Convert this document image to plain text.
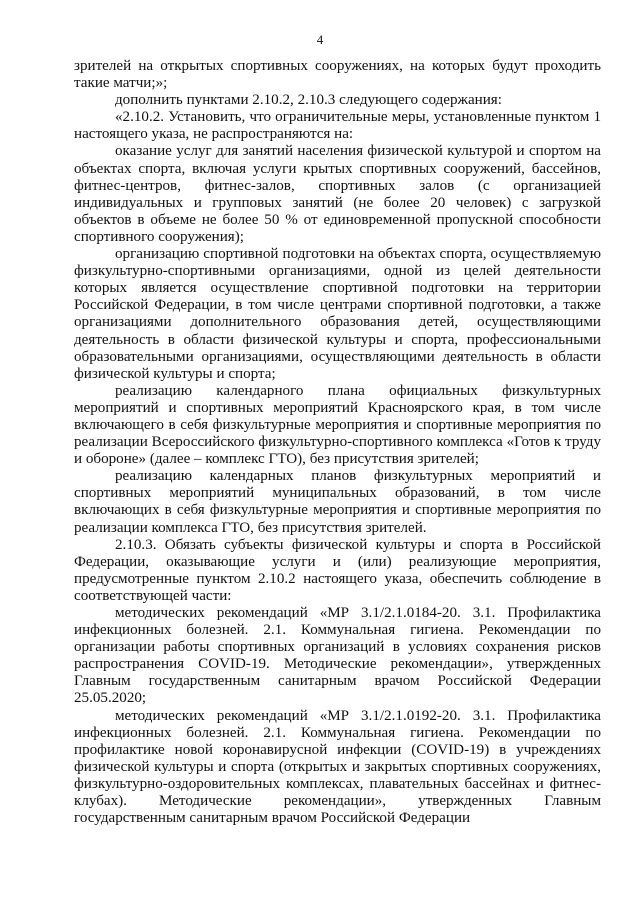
4

зрителей на открытых спортивных сооружениях, на которых будут проходить такие матчи;»;

дополнить пунктами 2.10.2, 2.10.3 следующего содержания:

«2.10.2. Установить, что ограничительные меры, установленные пунктом 1 настоящего указа, не распространяются на:

оказание услуг для занятий населения физической культурой и спортом на объектах спорта, включая услуги крытых спортивных сооружений, бассейнов, фитнес-центров, фитнес-залов, спортивных залов (с организацией индивидуальных и групповых занятий (не более 20 человек) с загрузкой объектов в объеме не более 50 % от единовременной пропускной способности спортивного сооружения);

организацию спортивной подготовки на объектах спорта, осуществляемую физкультурно-спортивными организациями, одной из целей деятельности которых является осуществление спортивной подготовки на территории Российской Федерации, в том числе центрами спортивной подготовки, а также организациями дополнительного образования детей, осуществляющими деятельность в области физической культуры и спорта, профессиональными образовательными организациями, осуществляющими деятельность в области физической культуры и спорта;

реализацию календарного плана официальных физкультурных мероприятий и спортивных мероприятий Красноярского края, в том числе включающего в себя физкультурные мероприятия и спортивные мероприятия по реализации Всероссийского физкультурно-спортивного комплекса «Готов к труду и обороне» (далее – комплекс ГТО), без присутствия зрителей;

реализацию календарных планов физкультурных мероприятий и спортивных мероприятий муниципальных образований, в том числе включающих в себя физкультурные мероприятия и спортивные мероприятия по реализации комплекса ГТО, без присутствия зрителей.

2.10.3. Обязать субъекты физической культуры и спорта в Российской Федерации, оказывающие услуги и (или) реализующие мероприятия, предусмотренные пунктом 2.10.2 настоящего указа, обеспечить соблюдение в соответствующей части:

методических рекомендаций «МР 3.1/2.1.0184-20. 3.1. Профилактика инфекционных болезней. 2.1. Коммунальная гигиена. Рекомендации по организации работы спортивных организаций в условиях сохранения рисков распространения COVID-19. Методические рекомендации», утвержденных Главным государственным санитарным врачом Российской Федерации 25.05.2020;

методических рекомендаций «МР 3.1/2.1.0192-20. 3.1. Профилактика инфекционных болезней. 2.1. Коммунальная гигиена. Рекомендации по профилактике новой коронавирусной инфекции (COVID-19) в учреждениях физической культуры и спорта (открытых и закрытых спортивных сооружениях, физкультурно-оздоровительных комплексах, плавательных бассейнах и фитнес-клубах). Методические рекомендации», утвержденных Главным государственным санитарным врачом Российской Федерации
